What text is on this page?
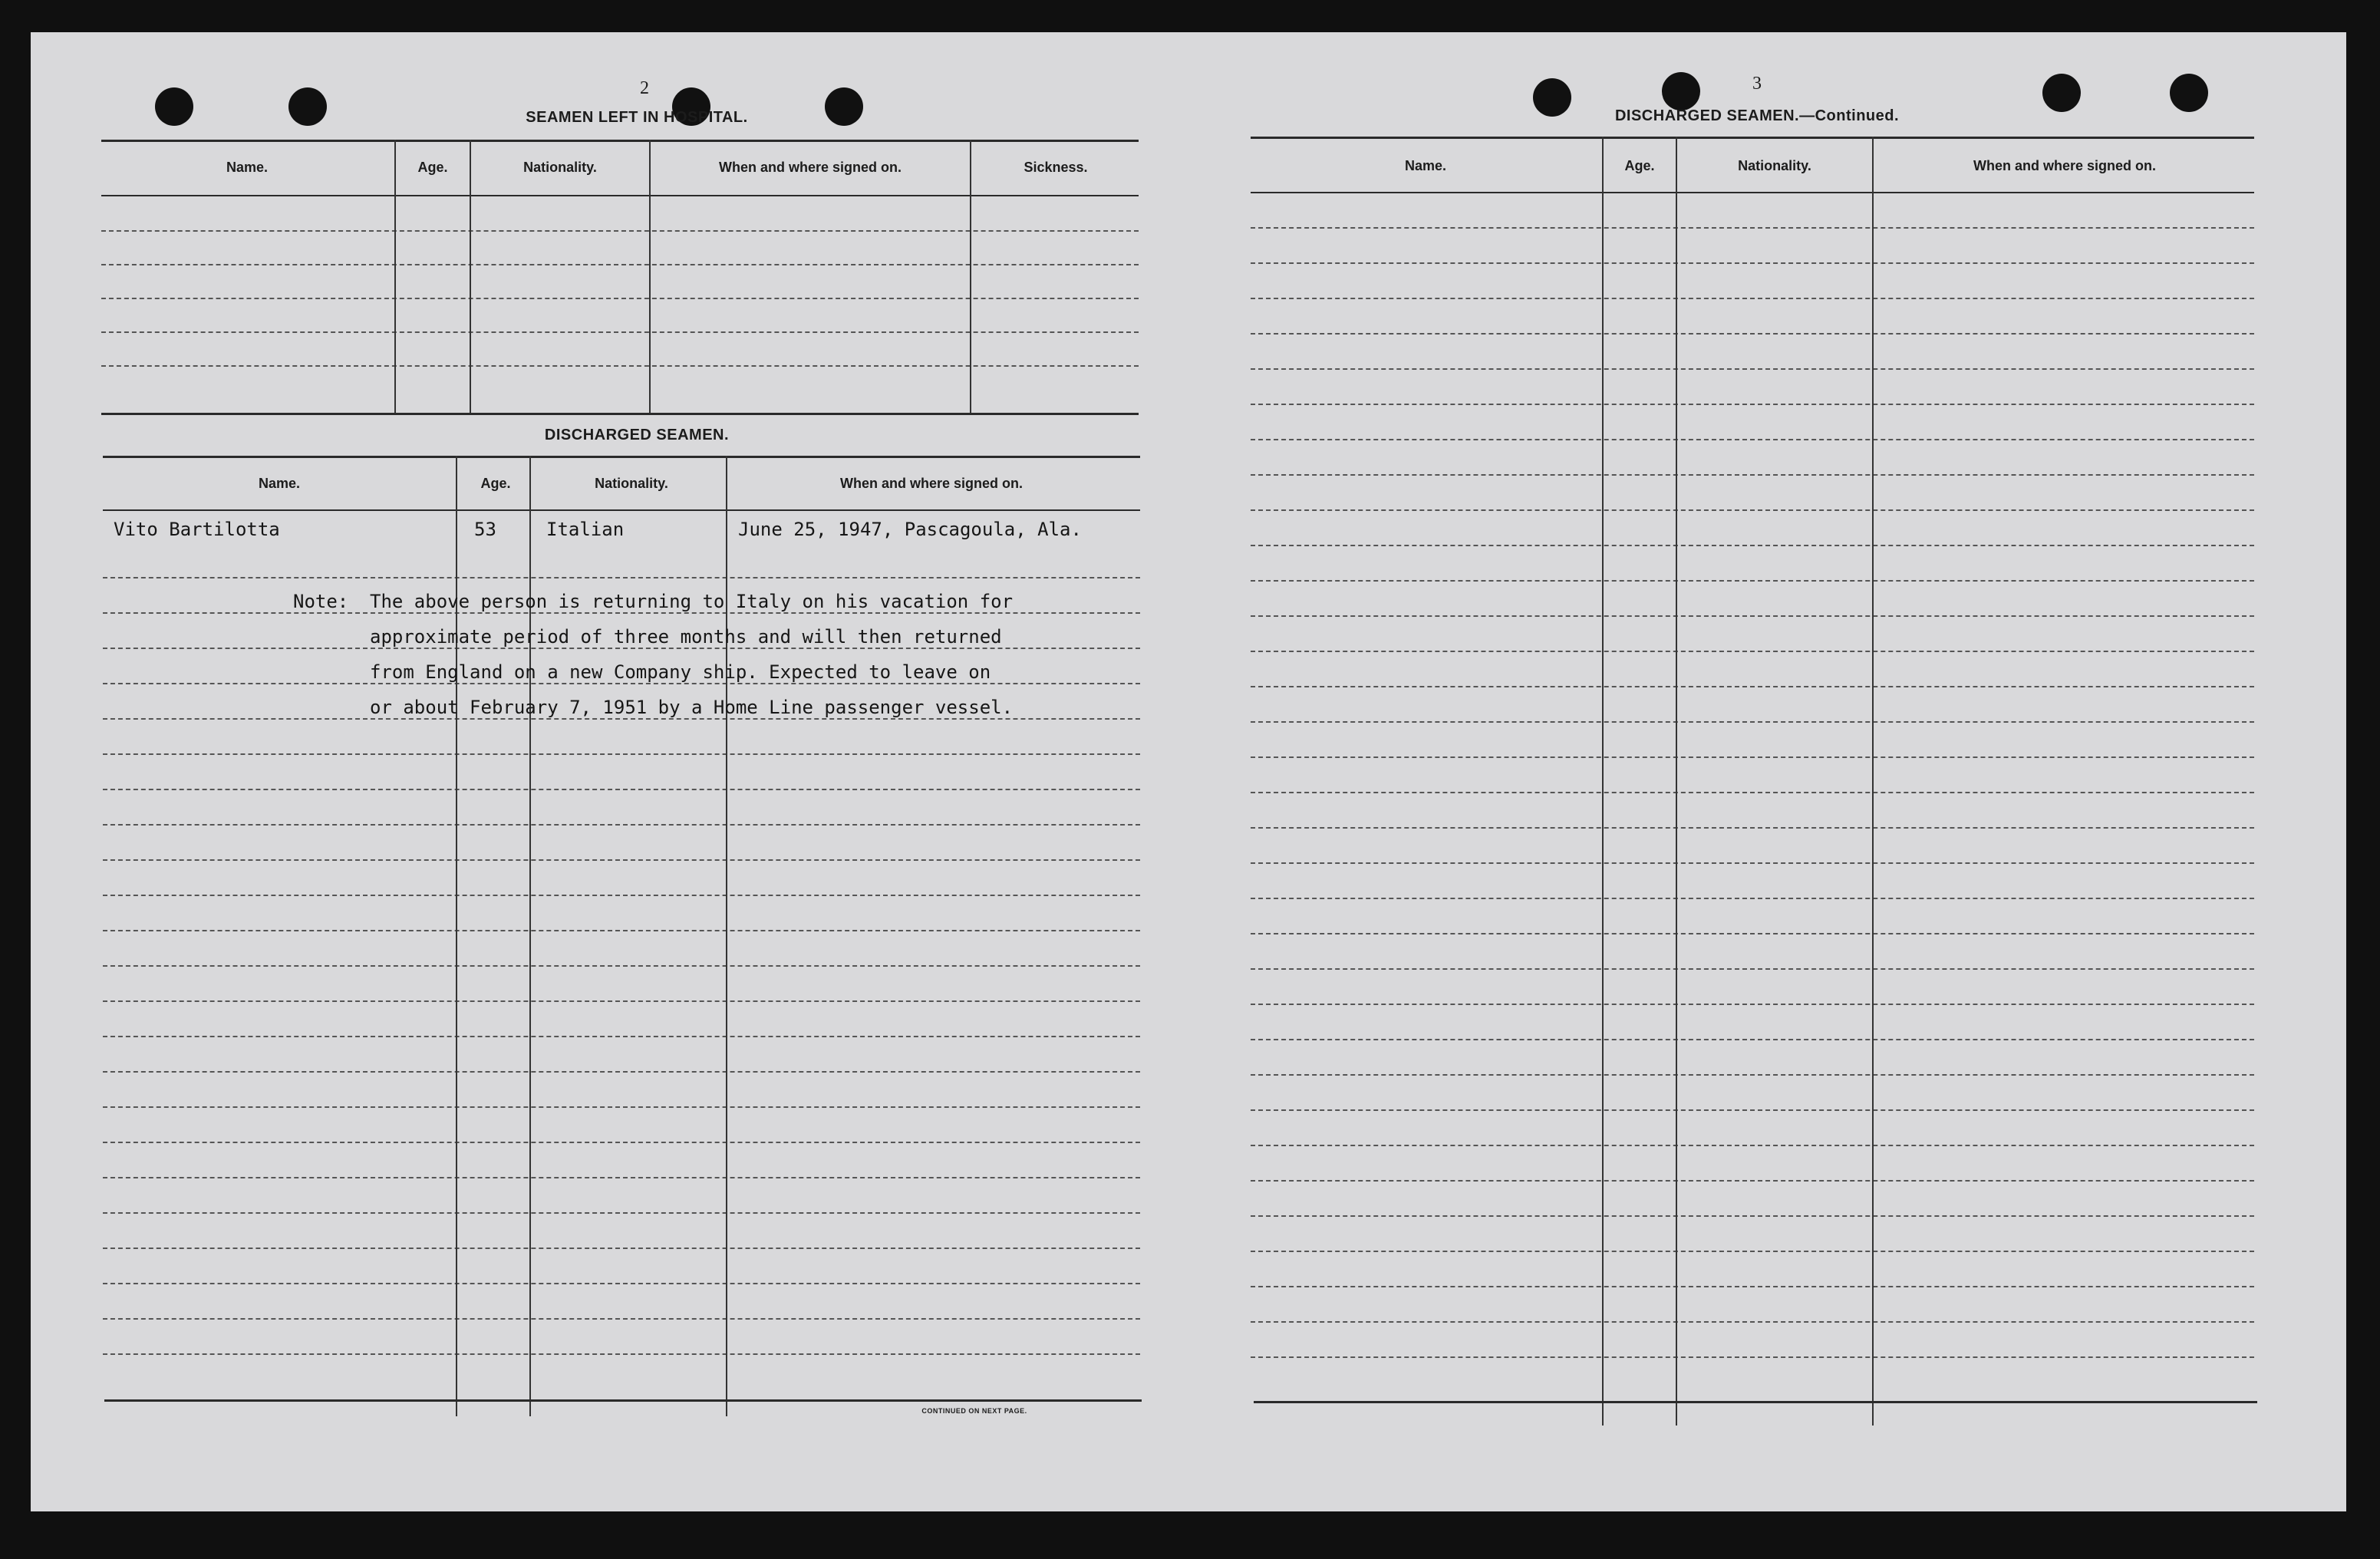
2
SEAMEN LEFT IN HOSPITAL.
Name.	Age.	Nationality.	When and where signed on.	Sickness.
DISCHARGED SEAMEN.
Name.	Age.	Nationality.	When and where signed on.
Vito Bartilotta	53	Italian	June 25, 1947, Pascagoula, Ala.
Note: The above person is returning to Italy on his vacation for
approximate period of three months and will then returned
from England on a new Company ship. Expected to leave on
or about February 7, 1951 by a Home Line passenger vessel.
CONTINUED ON NEXT PAGE.
3
DISCHARGED SEAMEN.—Continued.
Name.	Age.	Nationality.	When and where signed on.
